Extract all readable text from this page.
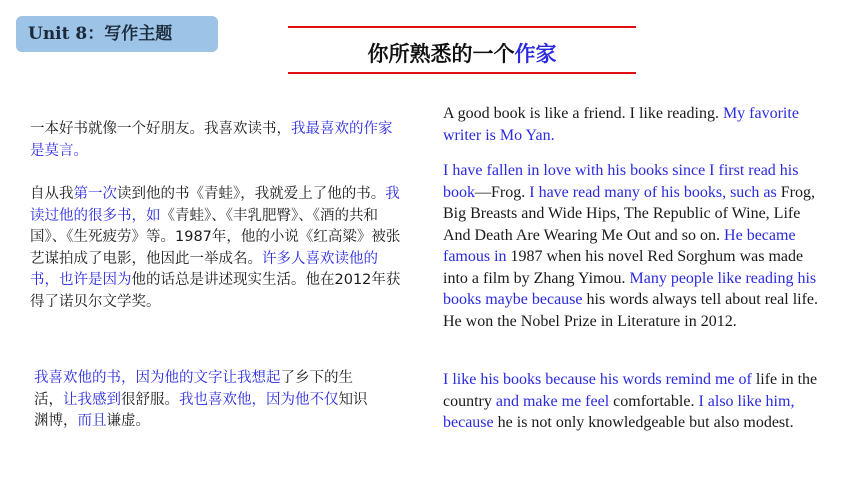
Unit 8：写作主题
你所熟悉的一个作家

一本好书就像一个好朋友。我喜欢读书，我最喜欢的作家是莫言。

自从我第一次读到他的书《青蛙》，我就爱上了他的书。我读过他的很多书，如《青蛙》、《丰乳肥臀》、《酒的共和国》、《生死疲劳》等。1987年，他的小说《红高粱》被张艺谋拍成了电影，他因此一举成名。许多人喜欢读他的书，也许是因为他的话总是讲述现实生活。他在2012年获得了诺贝尔文学奖。

我喜欢他的书，因为他的文字让我想起了乡下的生活，让我感到很舒服。我也喜欢他，因为他不仅知识渊博，而且谦虚。

A good book is like a friend. I like reading. My favorite writer is Mo Yan.

I have fallen in love with his books since I first read his book—Frog. I have read many of his books, such as Frog, Big Breasts and Wide Hips, The Republic of Wine, Life And Death Are Wearing Me Out and so on. He became famous in 1987 when his novel Red Sorghum was made into a film by Zhang Yimou. Many people like reading his books maybe because his words always tell about real life. He won the Nobel Prize in Literature in 2012.

I like his books because his words remind me of life in the country and make me feel comfortable. I also like him, because he is not only knowledgeable but also modest.
